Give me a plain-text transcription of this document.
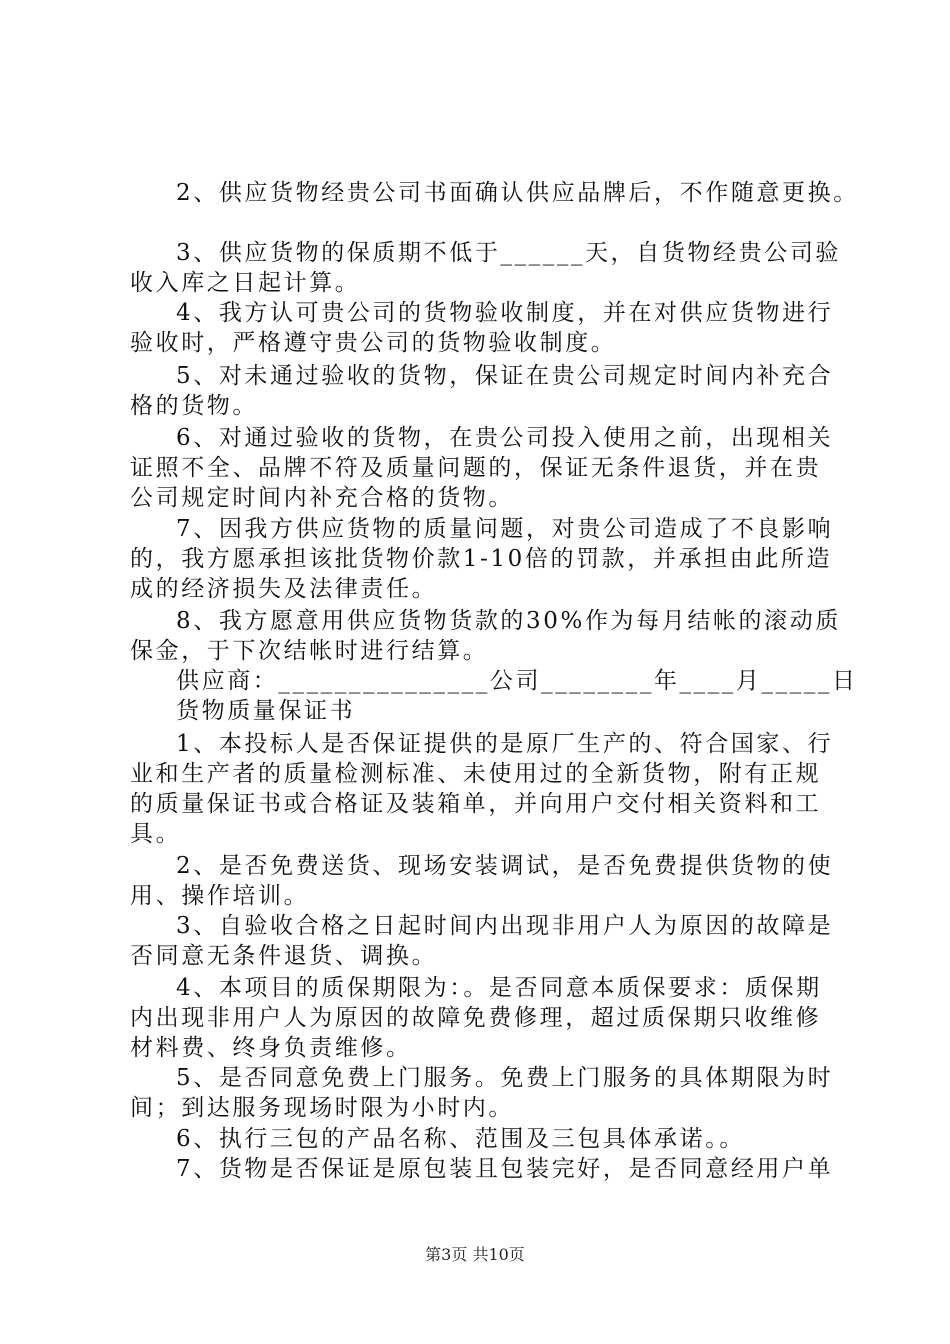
2、供应货物经贵公司书面确认供应品牌后，不作随意更换。
3、供应货物的保质期不低于______天，自货物经贵公司验
收入库之日起计算。
4、我方认可贵公司的货物验收制度，并在对供应货物进行
验收时，严格遵守贵公司的货物验收制度。
5、对未通过验收的货物，保证在贵公司规定时间内补充合
格的货物。
6、对通过验收的货物，在贵公司投入使用之前，出现相关
证照不全、品牌不符及质量问题的，保证无条件退货，并在贵
公司规定时间内补充合格的货物。
7、因我方供应货物的质量问题，对贵公司造成了不良影响
的，我方愿承担该批货物价款1-10倍的罚款，并承担由此所造
成的经济损失及法律责任。
8、我方愿意用供应货物货款的30%作为每月结帐的滚动质
保金，于下次结帐时进行结算。
供应商：_______________公司________年____月_____日
货物质量保证书
1、本投标人是否保证提供的是原厂生产的、符合国家、行
业和生产者的质量检测标准、未使用过的全新货物，附有正规
的质量保证书或合格证及装箱单，并向用户交付相关资料和工
具。
2、是否免费送货、现场安装调试，是否免费提供货物的使
用、操作培训。
3、自验收合格之日起时间内出现非用户人为原因的故障是
否同意无条件退货、调换。
4、本项目的质保期限为：。是否同意本质保要求：质保期
内出现非用户人为原因的故障免费修理，超过质保期只收维修
材料费、终身负责维修。
5、是否同意免费上门服务。免费上门服务的具体期限为时
间；到达服务现场时限为小时内。
6、执行三包的产品名称、范围及三包具体承诺。。
7、货物是否保证是原包装且包装完好，是否同意经用户单
第3页 共10页
